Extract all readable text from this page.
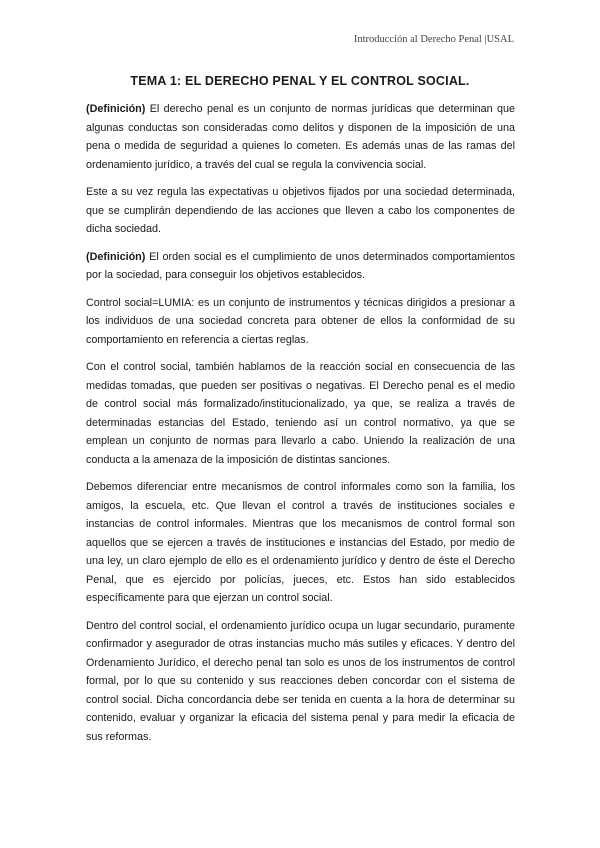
Introducción al Derecho Penal |USAL
TEMA 1: EL DERECHO PENAL Y EL CONTROL SOCIAL.

(Definición) El derecho penal es un conjunto de normas jurídicas que determinan que algunas conductas son consideradas como delitos y disponen de la imposición de una pena o medida de seguridad a quienes lo cometen. Es además unas de las ramas del ordenamiento jurídico, a través del cual se regula la convivencia social.

Este a su vez regula las expectativas u objetivos fijados por una sociedad determinada, que se cumplirán dependiendo de las acciones que lleven a cabo los componentes de dicha sociedad.

(Definición) El orden social es el cumplimiento de unos determinados comportamientos por la sociedad, para conseguir los objetivos establecidos.

Control social=LUMIA: es un conjunto de instrumentos y técnicas dirigidos a presionar a los individuos de una sociedad concreta para obtener de ellos la conformidad de su comportamiento en referencia a ciertas reglas.

Con el control social, también hablamos de la reacción social en consecuencia de las medidas tomadas, que pueden ser positivas o negativas. El Derecho penal es el medio de control social más formalizado/institucionalizado, ya que, se realiza a través de determinadas estancias del Estado, teniendo así un control normativo, ya que se emplean un conjunto de normas para llevarlo a cabo. Uniendo la realización de una conducta a la amenaza de la imposición de distintas sanciones.

Debemos diferenciar entre mecanismos de control informales como son la familia, los amigos, la escuela, etc. Que llevan el control a través de instituciones sociales e instancias de control informales. Mientras que los mecanismos de control formal son aquellos que se ejercen a través de instituciones e instancias del Estado, por medio de una ley, un claro ejemplo de ello es el ordenamiento jurídico y dentro de éste el Derecho Penal, que es ejercido por policías, jueces, etc. Estos han sido establecidos específicamente para que ejerzan un control social.

Dentro del control social, el ordenamiento jurídico ocupa un lugar secundario, puramente confirmador y asegurador de otras instancias mucho más sutiles y eficaces. Y dentro del Ordenamiento Jurídico, el derecho penal tan solo es unos de los instrumentos de control formal, por lo que su contenido y sus reacciones deben concordar con el sistema de control social. Dicha concordancia debe ser tenida en cuenta a la hora de determinar su contenido, evaluar y organizar la eficacia del sistema penal y para medir la eficacia de sus reformas.
